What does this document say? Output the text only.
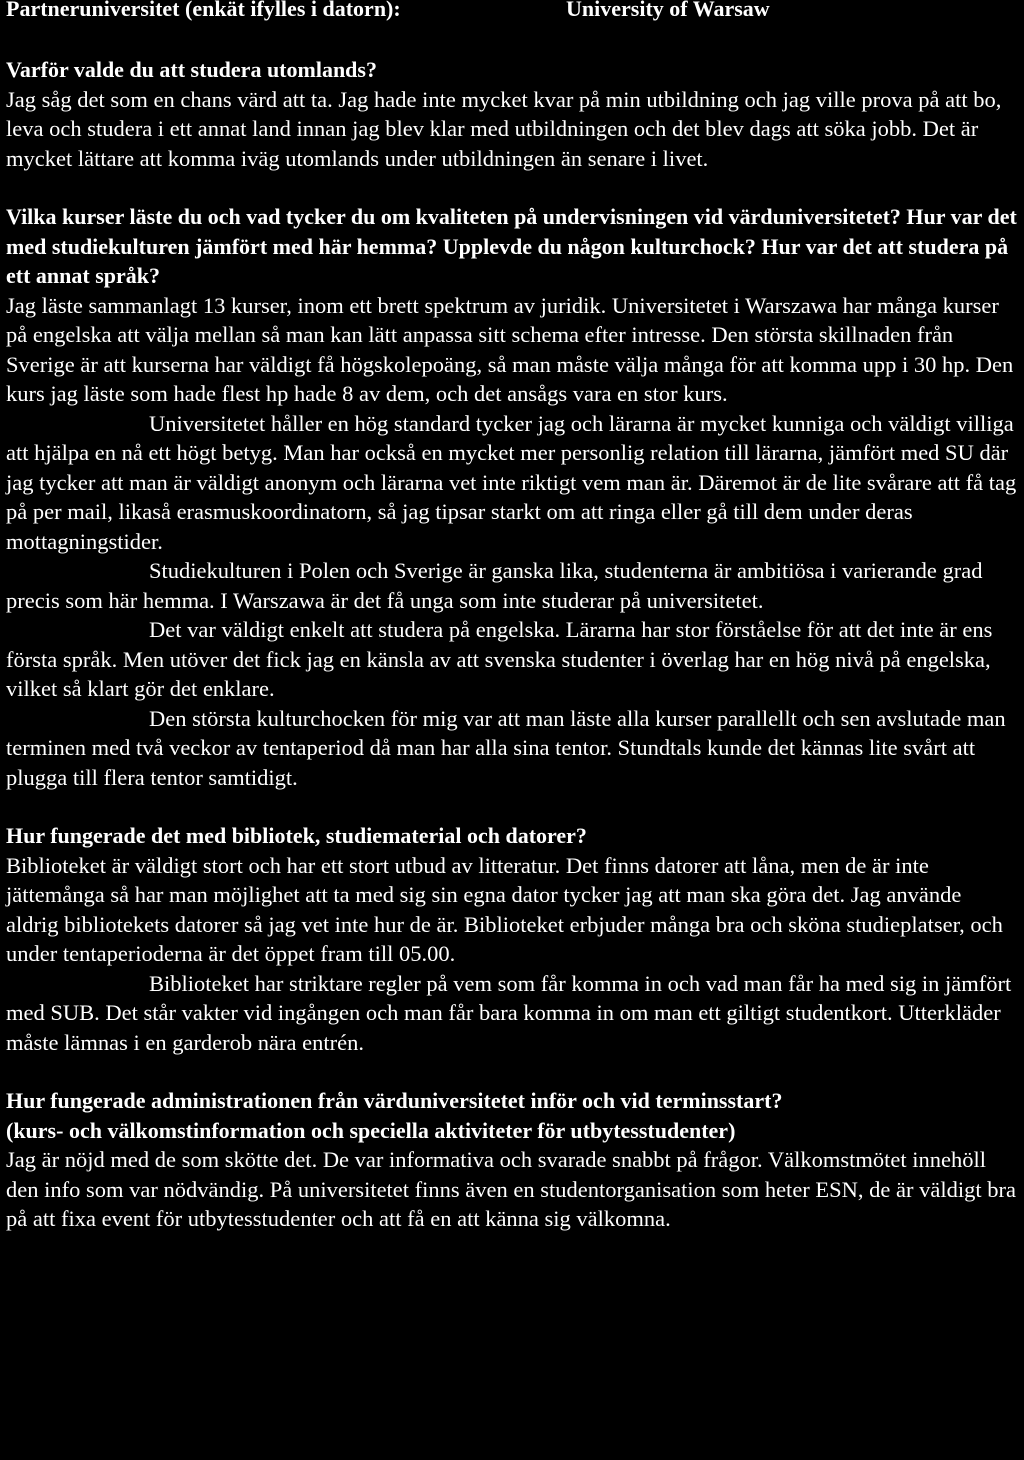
Partneruniversitet (enkät ifylles i datorn):	University of Warsaw

Varför valde du att studera utomlands?

Jag såg det som en chans värd att ta. Jag hade inte mycket kvar på min utbildning och jag ville prova på att bo, leva och studera i ett annat land innan jag blev klar med utbildningen och det blev dags att söka jobb. Det är mycket lättare att komma iväg utomlands under utbildningen än senare i livet.

Vilka kurser läste du och vad tycker du om kvaliteten på undervisningen vid värduniversitetet? Hur var det med studiekulturen jämfört med här hemma? Upplevde du någon kulturchock? Hur var det att studera på ett annat språk?

Jag läste sammanlagt 13 kurser, inom ett brett spektrum av juridik. Universitetet i Warszawa har många kurser på engelska att välja mellan så man kan lätt anpassa sitt schema efter intresse. Den största skillnaden från Sverige är att kurserna har väldigt få högskolepoäng, så man måste välja många för att komma upp i 30 hp. Den kurs jag läste som hade flest hp hade 8 av dem, och det ansågs vara en stor kurs.

Universitetet håller en hög standard tycker jag och lärarna är mycket kunniga och väldigt villiga att hjälpa en nå ett högt betyg. Man har också en mycket mer personlig relation till lärarna, jämfört med SU där jag tycker att man är väldigt anonym och lärarna vet inte riktigt vem man är. Däremot är de lite svårare att få tag på per mail, likaså erasmuskoordinatorn, så jag tipsar starkt om att ringa eller gå till dem under deras mottagningstider.

Studiekulturen i Polen och Sverige är ganska lika, studenterna är ambitiösa i varierande grad precis som här hemma. I Warszawa är det få unga som inte studerar på universitetet.

Det var väldigt enkelt att studera på engelska. Lärarna har stor förståelse för att det inte är ens första språk. Men utöver det fick jag en känsla av att svenska studenter i överlag har en hög nivå på engelska, vilket så klart gör det enklare.

Den största kulturchocken för mig var att man läste alla kurser parallellt och sen avslutade man terminen med två veckor av tentaperiod då man har alla sina tentor. Stundtals kunde det kännas lite svårt att plugga till flera tentor samtidigt.

Hur fungerade det med bibliotek, studiematerial och datorer?

Biblioteket är väldigt stort och har ett stort utbud av litteratur. Det finns datorer att låna, men de är inte jättemånga så har man möjlighet att ta med sig sin egna dator tycker jag att man ska göra det. Jag använde aldrig bibliotekets datorer så jag vet inte hur de är. Biblioteket erbjuder många bra och sköna studieplatser, och under tentaperioderna är det öppet fram till 05.00.

Biblioteket har striktare regler på vem som får komma in och vad man får ha med sig in jämfört med SUB. Det står vakter vid ingången och man får bara komma in om man ett giltigt studentkort. Utterkläder måste lämnas i en garderob nära entrén.

Hur fungerade administrationen från värduniversitetet inför och vid terminsstart?

(kurs- och välkomstinformation och speciella aktiviteter för utbytesstudenter)

Jag är nöjd med de som skötte det. De var informativa och svarade snabbt på frågor. Välkomstmötet innehöll den info som var nödvändig. På universitetet finns även en studentorganisation som heter ESN, de är väldigt bra på att fixa event för utbytesstudenter och att få en att känna sig välkomna.
